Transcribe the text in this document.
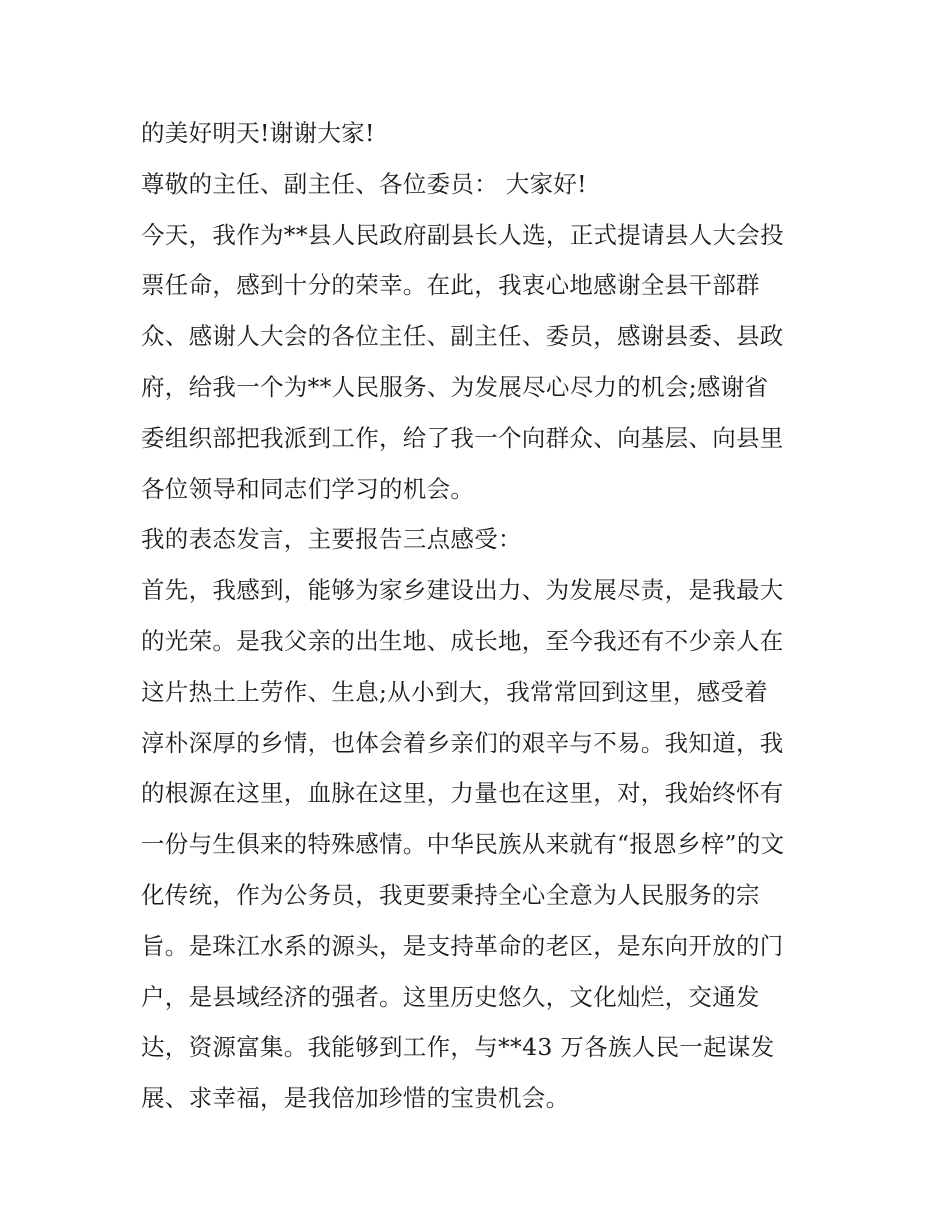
的美好明天!谢谢大家!
尊敬的主任、副主任、各位委员： 大家好!
今天，我作为**县人民政府副县长人选，正式提请县人大会投
票任命，感到十分的荣幸。在此，我衷心地感谢全县干部群
众、感谢人大会的各位主任、副主任、委员，感谢县委、县政
府，给我一个为**人民服务、为发展尽心尽力的机会;感谢省
委组织部把我派到工作，给了我一个向群众、向基层、向县里
各位领导和同志们学习的机会。
我的表态发言，主要报告三点感受：
首先，我感到，能够为家乡建设出力、为发展尽责，是我最大
的光荣。是我父亲的出生地、成长地，至今我还有不少亲人在
这片热土上劳作、生息;从小到大，我常常回到这里，感受着
淳朴深厚的乡情，也体会着乡亲们的艰辛与不易。我知道，我
的根源在这里，血脉在这里，力量也在这里，对，我始终怀有
一份与生俱来的特殊感情。中华民族从来就有“报恩乡梓”的文
化传统，作为公务员，我更要秉持全心全意为人民服务的宗
旨。是珠江水系的源头，是支持革命的老区，是东向开放的门
户，是县域经济的强者。这里历史悠久，文化灿烂，交通发
达，资源富集。我能够到工作，与**43 万各族人民一起谋发
展、求幸福，是我倍加珍惜的宝贵机会。
